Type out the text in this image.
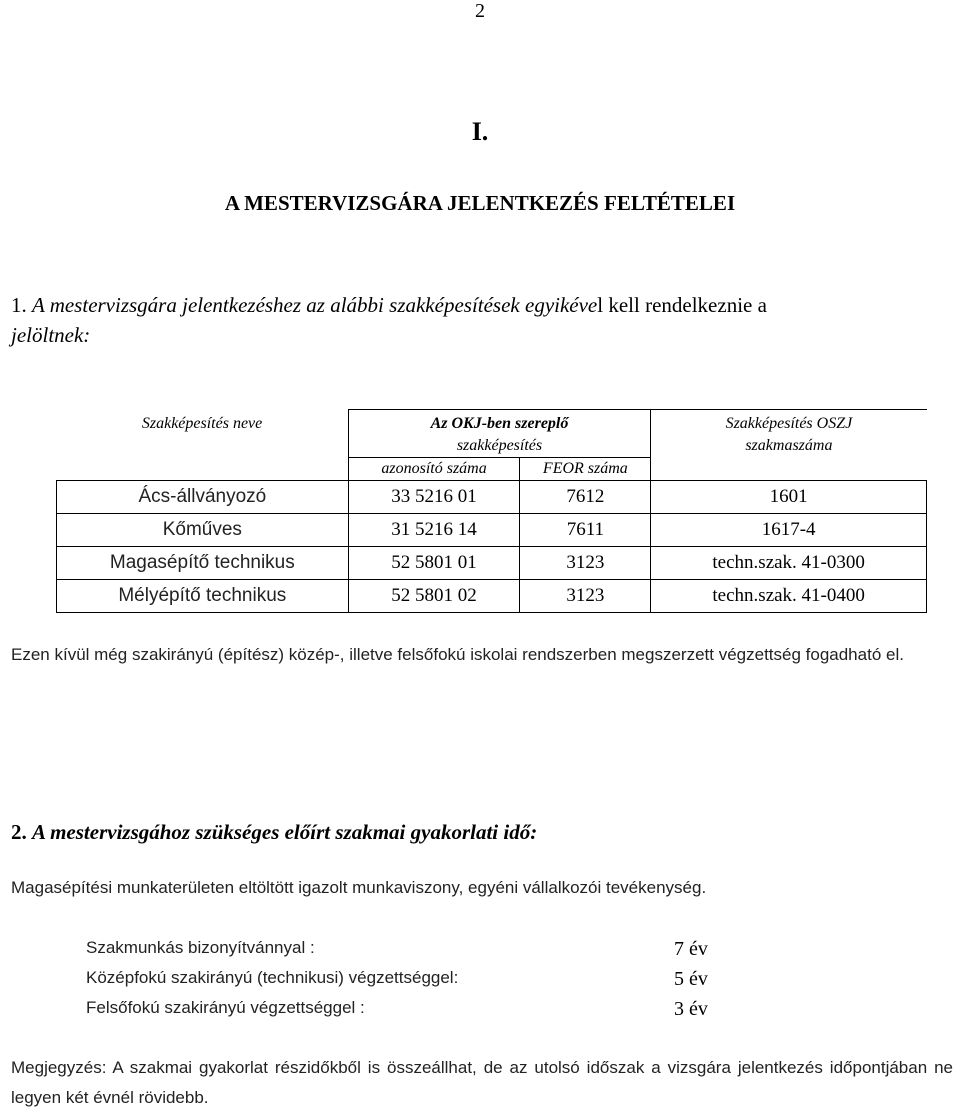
2
I.
A MESTERVIZSGÁRA JELENTKEZÉS FELTÉTELEI
1. A mestervizsgára jelentkezéshez az alábbi szakképesítések egyikével kell rendelkeznie a
jelöltnek:
Szakképesítés neve	Az OKJ-ben szereplő
szakképesítés		Szakképesítés OSZJ
szakmaszáma
	azonosító száma	FEOR száma	
Ács-állványozó	33 5216 01	7612	1601
Kőműves	31 5216 14	7611	1617-4
Magasépítő technikus	52 5801 01	3123	techn.szak. 41-0300
Mélyépítő technikus	52 5801 02	3123	techn.szak. 41-0400
Ezen kívül még szakirányú (építész) közép-, illetve felsőfokú iskolai rendszerben megszerzett végzettség fogadható el.
2. A mestervizsgához szükséges előírt szakmai gyakorlati idő:
Magasépítési munkaterületen eltöltött igazolt munkaviszony, egyéni vállalkozói tevékenység.
Szakmunkás bizonyítvánnyal :	7 év
Középfokú szakirányú (technikusi) végzettséggel:	5 év
Felsőfokú szakirányú végzettséggel :	3 év
Megjegyzés: A szakmai gyakorlat részidőkből is összeállhat, de az utolsó időszak a vizsgára jelentkezés időpontjában ne legyen két évnél rövidebb.
